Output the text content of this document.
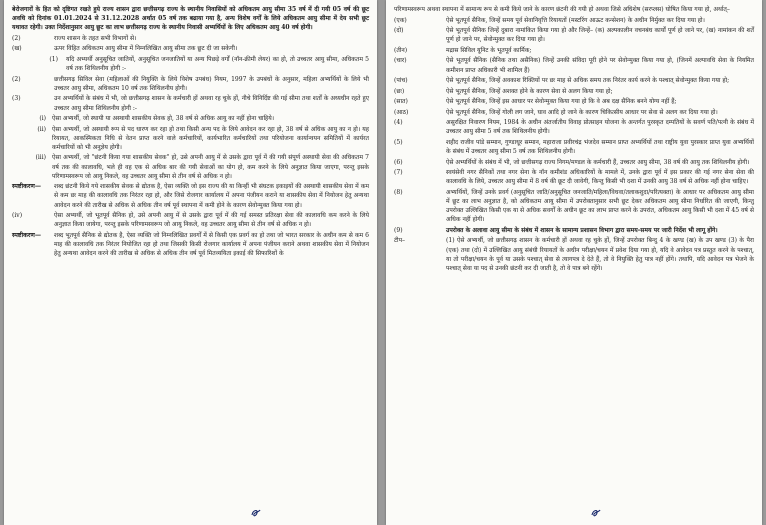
बेरोजगारों के हित को दृष्टिगत रखते हुये राज्य शासन द्वारा छत्तीसगढ़ राज्य के स्थानीय निवासियों को अधिकतम आयु सीमा 35 वर्ष में दी गयी 05 वर्ष की छूट अवधि को दिनांक 01.01.2024 से 31.12.2028 अर्थात 05 वर्ष तक बढाया गया है, अन्य विशेष वर्गों के लिये अधिकतम आयु सीमा में देय सभी छूट यथावत रहेगी। उक्त निर्देशानुसार आयु छूट का लाभ छत्तीसगढ़ राज्य के स्थानीय निवासी अभ्यर्थियों के लिए अधिकतम आयु 40 वर्ष होगी।
(2)	राज्य शासन के तहत सभी विभागों से।
(ख)	ऊपर विहित अधिकतम आयु सीमा में निम्नलिखित आयु सीमा तक छूट दी जा सकेगी।
(1)	यदि अभ्यर्थी अनुसूचित जातियों, अनुसूचित जनजातियों या अन्य पिछड़े वर्गों (नॉन-क्रीमी लेयर) का हो, तो उच्चतर आयु सीमा, अधिकतम 5 वर्ष तक शिथिलनीय होगी :-
(2)	छत्तीसगढ़ सिविल सेवा (महिलाओं की नियुक्ति के लिये विशेष उपबंध) नियम, 1997 के उपबंधों के अनुसार, महिला अभ्यर्थियों के लिये भी उच्चतर आयु सीमा, अधिकतम 10 वर्ष तक शिथिलनीय होगी।
(3)	उन अभ्यर्थियों के संबंध में भी, जो छत्तीसगढ़ शासन के कर्मचारी हों अथवा रह चुके हों, नीचे विनिर्दिष्ट की गई सीमा तथा शर्तों के अध्यधीन रहते हुए उच्चतर आयु सीमा शिथिलनीय होगी :-
(i) ऐसा अभ्यर्थी, जो स्थायी या अस्थायी शासकीय सेवक हो, 38 वर्ष से अधिक आयु का नहीं होना चाहिये।
(ii) ऐसा अभ्यर्थी, जो अस्थायी रूप से पद धारण कर रहा हो तथा किसी अन्य पद के लिये आवेदन कर रहा हो, 38 वर्ष से अधिक आयु का न हो। यह रियायत, आकस्मिकता निधि से वेतन प्राप्त करने वाले कर्मचारियों, कार्यभारित कर्मचारियों तथा परियोजना कार्यान्वयन समितियों में कार्यरत कर्मचारियों को भी अनुज्ञेय होगी।
(iii) ऐसा अभ्यर्थी, जो "छंटनी किया गया शासकीय सेवक" हो, उसे अपनी आयु में से उसके द्वारा पूर्व में की गयी संपूर्ण अस्थायी सेवा की अधिकतम 7 वर्ष तक की कालावधि, भले ही वह एक से अधिक बार की गयी सेवाओं का योग हो, कम करने के लिये अनुज्ञात किया जाएगा, परन्तु इसके परिणामस्वरूप जो आयु निकले, वह उच्चतर आयु सीमा से तीन वर्ष से अधिक न हो।
स्पष्टीकरण—	शब्द छंटनी किये गये शासकीय सेवक से द्योतक है, ऐसा व्यक्ति जो इस राज्य की या किन्हीं भी संघटक इकाइयों की अस्थायी शासकीय सेवा में कम से कम छः माह की कालावधि तक निरंतर रहा हो, और जिसे रोजगार कार्यालय में अपना पंजीयन कराने या शासकीय सेवा में नियोजन हेतु अन्यथा आवेदन करने की तारीख से अधिक से अधिक तीन वर्ष पूर्व स्थापना में कमी होने के कारण सेवोन्मुक्त किया गया हो।
(iv)	ऐसा अभ्यर्थी, जो भूतपूर्व सैनिक हो, उसे अपनी आयु में से उसके द्वारा पूर्व में की गई समस्त प्रतिरक्षा सेवा की कालावधि कम करने के लिये अनुज्ञात किया जायेगा, परन्तु इसके परिणामस्वरूप जो आयु निकले, वह उच्चतर आयु सीमा से तीन वर्ष से अधिक न हो।
स्पष्टीकरण—	शब्द भूतपूर्व सैनिक से द्योतक है, ऐसा व्यक्ति जो निम्नलिखित प्रवर्गों में से किसी एक प्रवर्ग का हो तथा जो भारत सरकार के अधीन कम से कम 6 माह की कालावधि तक निरंतर नियोजित रहा हो तथा जिसकी किसी रोजगार कार्यालय में अपना पंजीयन कराने अथवा शासकीय सेवा में नियोजन हेतु अन्यथा आवेदन करने की तारीख से अधिक से अधिक तीन वर्ष पूर्व मितव्ययिता इकाई की सिफारिशों के
परिणामस्वरूप अथवा स्थापना में सामान्य रूप से कमी किये जाने के कारण छंटनी की गयी हो अथवा जिसे अधिशेष (सरप्लस) घोषित किया गया हो, अर्थात्–
(एक)	ऐसे भूतपूर्व सैनिक, जिन्हें समय पूर्व सेवानिवृत्ति रियायतों (मस्टरिंग आऊट कन्सेशन) के अधीन निर्मुक्त कर दिया गया हो।
(दो)	ऐसे भूतपूर्व सैनिक जिन्हें दुबारा नामांकित किया गया हो और जिन्हें– (क) अल्पकालीन वचनबंध कार्यों पूर्ण हो जाने पर, (ख) नामांकन की शर्तें पूर्ण हो जाने पर, सेवोन्मुक्त कर दिया गया हो।
(तीन)	मद्रास सिविल यूनिट के भूतपूर्व कार्मिक;
(चार)	ऐसे भूतपूर्व सैनिक (सैनिक तथा असैनिक) जिन्हें उनकी संविदा पूरी होने पर सेवोन्मुक्त किया गया हो, (जिनमें अल्पावधि सेवा के नियमित कमीशन प्राप्त अधिकारी भी शामिल हैं)
(पांच)	ऐसे भूतपूर्व सैनिक, जिन्हें अवकाश रिक्तियों पर छः माह से अधिक समय तक निरंतर कार्य करने के पश्चात् सेवोन्मुक्त किया गया हो;
(छः)	ऐसे भूतपूर्व सैनिक, जिन्हें अशक्त होने के कारण सेवा से अलग किया गया हो;
(सात)	ऐसे भूतपूर्व सैनिक, जिन्हें इस आधार पर सेवोन्मुक्त किया गया हो कि वे अब दक्ष सैनिक बनने योग्य नहीं हैं;
(आठ)	ऐसे भूतपूर्व सैनिक, जिन्हें गोली लग जाने, घाव आदि हो जाने के कारण चिकित्सीय आधार पर सेवा से अलग कर दिया गया हो।
(4)	असुरक्षित निवारण नियम, 1984 के अधीन अंतर्जातीय विवाह प्रोत्साहन योजना के अन्तर्गत पुरस्कृत दम्पतियों के सवर्ण पति/पत्नी के संबंध में उच्चतर आयु सीमा 5 वर्ष तक शिथिलनीय होगी।
(5)	शहीद राजीव पांडे सम्मान, गुण्डाधूर सम्मान, महाराजा प्रवीरचंद्र भंजदेव सम्मान प्राप्त अभ्यर्थियों तथा राष्ट्रीय युवा पुरस्कार प्राप्त युवा अभ्यर्थियों के संबंध में उच्चतर आयु सीमा 5 वर्ष तक शिथिलनीय होगी।
(6)	ऐसे अभ्यर्थियों के संबंध में भी, जो छत्तीसगढ़ राज्य निगम/मण्डल के कर्मचारी हैं, उच्चतर आयु सीमा, 38 वर्ष की आयु तक शिथिलनीय होगी।
(7)	स्वयंसेवी नगर सैनिकों तथा नगर सेना के नॉन कमीशंड अधिकारियों के मामले में, उनके द्वारा पूर्व में इस प्रकार की गई नगर सेना सेवा की कालावधि के लिये, उच्चतर आयु सीमा में 8 वर्ष की छूट दी जावेगी, किन्तु किसी भी दशा में उनकी आयु 38 वर्ष से अधिक नहीं होना चाहिए।
(8)	अभ्यर्थियों, जिन्हें उनके प्रवर्ग (अनुसूचित जाति/अनुसूचित जनजाति/महिला/विधवा/तलाकशुदा/परित्यक्ता) के आधार पर अधिकतम आयु सीमा में छूट का लाभ अनुज्ञात है, को अधिकतम आयु सीमा में उपरोक्तानुसार सभी छूट देकर अधिकतम आयु सीमा निर्धारित की जाएगी, किन्तु उपरोक्त उल्लिखित किसी एक या से अधिक सवर्गों के अधीन छूट का लाभ प्राप्त करने के उपरांत, अधिकतम आयु किसी भी दशा में 45 वर्ष से अधिक नहीं होगी।
(9)	उपरोक्त के अलावा आयु सीमा के संबंध में शासन के सामान्य प्रशासन विभाग द्वारा समय-समय पर जारी निर्देश भी लागू होंगे।
टीप–	(1) ऐसे अभ्यर्थी, जो छत्तीसगढ़ शासन के कर्मचारी हों अथवा रह चुके हों, जिन्हें उपरोक्त बिन्दु 4 के खण्ड (ख) के उप खण्ड (3) के पैरा (एक) तथा (दो) में उल्लिखित आयु संबंधी रियायतों के अधीन परीक्षा/चयन में प्रवेश दिया गया हो, यदि वे आवेदन पत्र प्रस्तुत करने के पश्चात्, या तो परीक्षा/चयन के पूर्व या उसके पश्चात् सेवा से त्यागपत्र दे देते हैं, तो वे नियुक्ति हेतु पात्र नहीं होंगे। तथापि, यदि आवेदन पत्र भेजने के पश्चात् सेवा या पद से उनकी छंटनी कर दी जाती है, तो वे पात्र बने रहेंगे।
